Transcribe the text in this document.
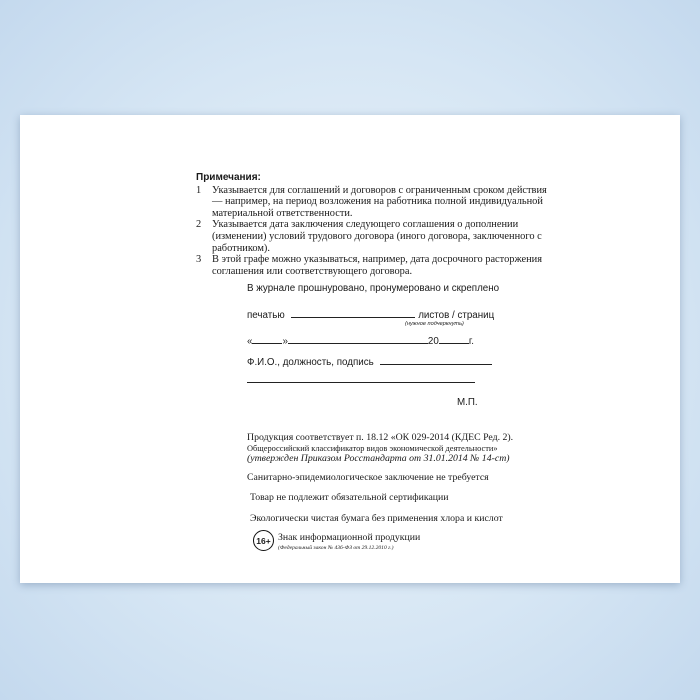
Примечания:
1	Указывается для соглашений и договоров с ограниченным сроком действия — например, на период возложения на работника полной индивидуальной материальной ответственности.
2	Указывается дата заключения следующего соглашения о дополнении (изменении) условий трудового договора (иного договора, заключенного с работником).
3	В этой графе можно указываться, например, дата досрочного расторжения соглашения или соответствующего договора.
В журнале прошнуровано, пронумеровано и скреплено
печатью	листов / страниц
(нужное подчеркнуть)
«	»	20	г.
Ф.И.О., должность, подпись
М.П.
Продукция соответствует п. 18.12 «ОК 029-2014 (КДЕС Ред. 2).
Общероссийский классификатор видов экономической деятельности»
(утвержден Приказом Росстандарта от 31.01.2014 № 14-ст)
Санитарно-эпидемиологическое заключение не требуется
Товар не подлежит обязательной сертификации
Экологически чистая бумага без применения хлора и кислот
16+ Знак информационной продукции
(Федеральный закон № 436-ФЗ от 29.12.2010 г.)
